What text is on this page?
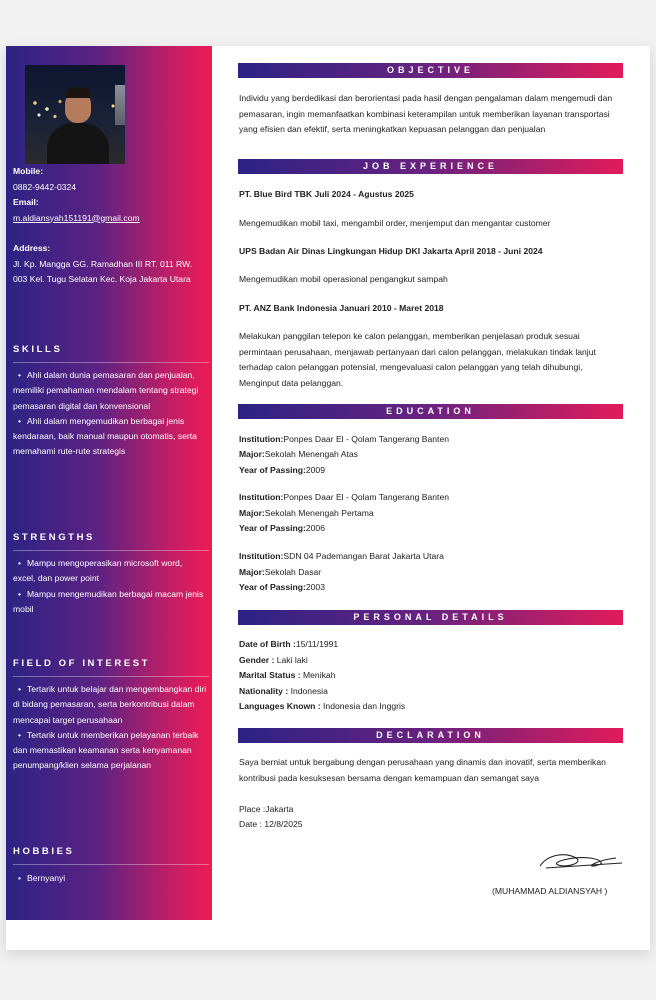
Mobile:
0882-9442-0324
Email:
m.aldiansyah151191@gmail.com
Address:
Jl. Kp. Mangga GG. Ramadhan III RT. 011 RW. 003 Kel. Tugu Selatan Kec. Koja Jakarta Utara
SKILLS
• Ahli dalam dunia pemasaran dan penjualan, memiliki pemahaman mendalam tentang strategi pemasaran digital dan konvensional
• Ahli dalam mengemudikan berbagai jenis kendaraan, baik manual maupun otomatis, serta memahami rute-rute strategis
STRENGTHS
• Mampu mengoperasikan microsoft word, excel, dan power point
• Mampu mengemudikan berbagai macam jenis mobil
FIELD OF INTEREST
• Tertarik untuk belajar dan mengembangkan diri di bidang pemasaran, serta berkontribusi dalam mencapai target perusahaan
• Tertarik untuk memberikan pelayanan terbaik dan memastikan keamanan serta kenyamanan penumpang/klien selama perjalanan
HOBBIES
• Bernyanyi
OBJECTIVE
Individu yang berdedikasi dan berorientasi pada hasil dengan pengalaman dalam mengemudi dan pemasaran, ingin memanfaatkan kombinasi keterampilan untuk memberikan layanan transportasi yang efisien dan efektif, serta meningkatkan kepuasan pelanggan dan penjualan
JOB EXPERIENCE
PT. Blue Bird TBK Juli 2024 - Agustus 2025
Mengemudikan mobil taxi, mengambil order, menjemput dan mengantar customer
UPS Badan Air Dinas Lingkungan Hidup DKI Jakarta April 2018 - Juni 2024
Mengemudikan mobil operasional pengangkut sampah
PT. ANZ Bank Indonesia Januari 2010 - Maret 2018
Melakukan panggilan telepon ke calon pelanggan, memberikan penjelasan produk sesuai permintaan perusahaan, menjawab pertanyaan dari calon pelanggan, melakukan tindak lanjut terhadap calon pelanggan potensial, mengevaluasi calon pelanggan yang telah dihubungi, Menginput data pelanggan.
EDUCATION
Institution:Ponpes Daar El - Qolam Tangerang Banten
Major:Sekolah Menengah Atas
Year of Passing:2009
Institution:Ponpes Daar El - Qolam Tangerang Banten
Major:Sekolah Menengah Pertama
Year of Passing:2006
Institution:SDN 04 Pademangan Barat Jakarta Utara
Major:Sekolah Dasar
Year of Passing:2003
PERSONAL DETAILS
Date of Birth :15/11/1991
Gender : Laki laki
Marital Status : Menikah
Nationality : Indonesia
Languages Known : Indonesia dan Inggris
DECLARATION
Saya berniat untuk bergabung dengan perusahaan yang dinamis dan inovatif, serta memberikan kontribusi pada kesuksesan bersama dengan kemampuan dan semangat saya
Place :Jakarta
Date : 12/8/2025
(MUHAMMAD ALDIANSYAH )
